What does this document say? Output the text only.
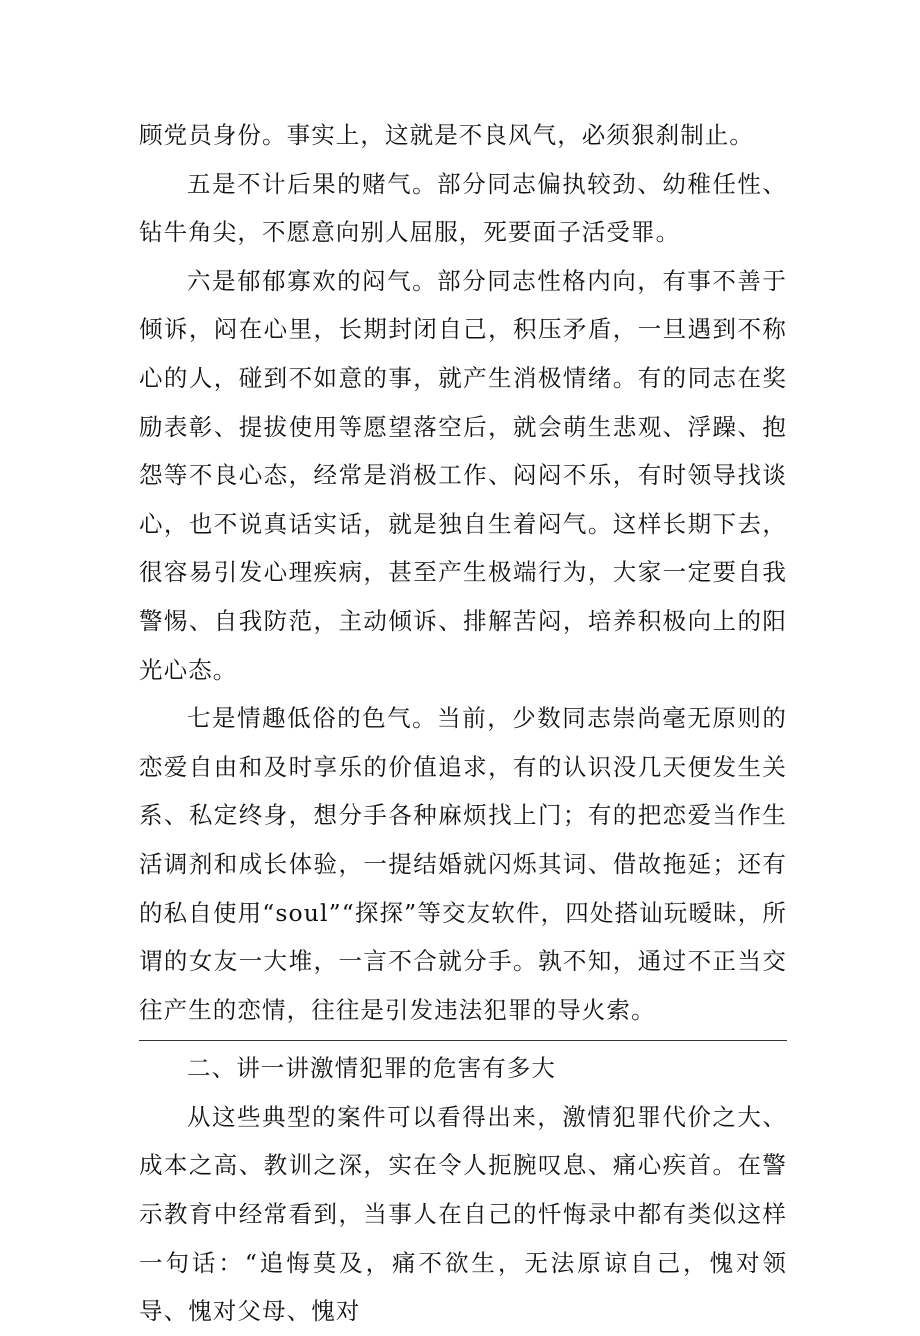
顾党员身份。事实上，这就是不良风气，必须狠刹制止。

五是不计后果的赌气。部分同志偏执较劲、幼稚任性、钻牛角尖，不愿意向别人屈服，死要面子活受罪。

六是郁郁寡欢的闷气。部分同志性格内向，有事不善于倾诉，闷在心里，长期封闭自己，积压矛盾，一旦遇到不称心的人，碰到不如意的事，就产生消极情绪。有的同志在奖励表彰、提拔使用等愿望落空后，就会萌生悲观、浮躁、抱怨等不良心态，经常是消极工作、闷闷不乐，有时领导找谈心，也不说真话实话，就是独自生着闷气。这样长期下去，很容易引发心理疾病，甚至产生极端行为，大家一定要自我警惕、自我防范，主动倾诉、排解苦闷，培养积极向上的阳光心态。

七是情趣低俗的色气。当前，少数同志崇尚毫无原则的恋爱自由和及时享乐的价值追求，有的认识没几天便发生关系、私定终身，想分手各种麻烦找上门；有的把恋爱当作生活调剂和成长体验，一提结婚就闪烁其词、借故拖延；还有的私自使用“soul”“探探”等交友软件，四处搭讪玩暧昧，所谓的女友一大堆，一言不合就分手。孰不知，通过不正当交往产生的恋情，往往是引发违法犯罪的导火索。

二、讲一讲激情犯罪的危害有多大

从这些典型的案件可以看得出来，激情犯罪代价之大、成本之高、教训之深，实在令人扼腕叹息、痛心疾首。在警示教育中经常看到，当事人在自己的忏悔录中都有类似这样一句话：“追悔莫及，痛不欲生，无法原谅自己，愧对领导、愧对父母、愧对
